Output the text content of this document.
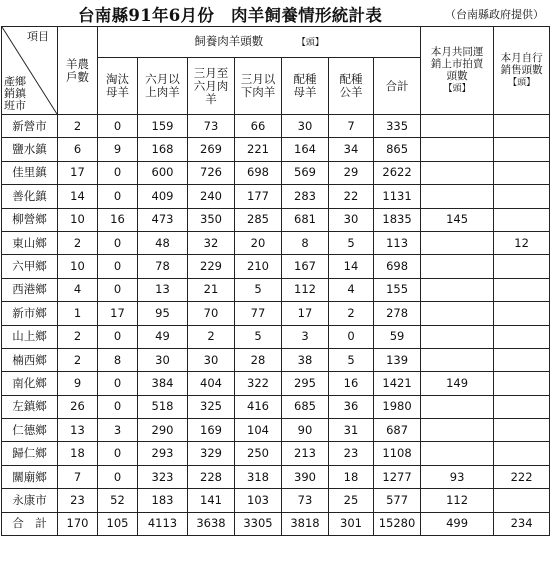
台南縣91年6月份　肉羊飼養情形統計表	（台南縣政府提供）
項目
產鄉
銷鎮
班市	羊農戶數	飼養肉羊頭數 【頭】							本月共同運銷上市拍賣頭數
【頭】	本月自行銷售頭數
【頭】
		淘汰母羊	六月以上肉羊	三月至六月肉羊	三月以下肉羊	配種母羊	配種公羊	合計		
新營市	2	0	159	73	66	30	7	335		
鹽水鎮	6	9	168	269	221	164	34	865		
佳里鎮	17	0	600	726	698	569	29	2622		
善化鎮	14	0	409	240	177	283	22	1131		
柳營鄉	10	16	473	350	285	681	30	1835	145	
東山鄉	2	0	48	32	20	8	5	113		12
六甲鄉	10	0	78	229	210	167	14	698		
西港鄉	4	0	13	21	5	112	4	155		
新市鄉	1	17	95	70	77	17	2	278		
山上鄉	2	0	49	2	5	3	0	59		
楠西鄉	2	8	30	30	28	38	5	139		
南化鄉	9	0	384	404	322	295	16	1421	149	
左鎮鄉	26	0	518	325	416	685	36	1980		
仁德鄉	13	3	290	169	104	90	31	687		
歸仁鄉	18	0	293	329	250	213	23	1108		
關廟鄉	7	0	323	228	318	390	18	1277	93	222
永康市	23	52	183	141	103	73	25	577	112	
合　計	170	105	4113	3638	3305	3818	301	15280	499	234
